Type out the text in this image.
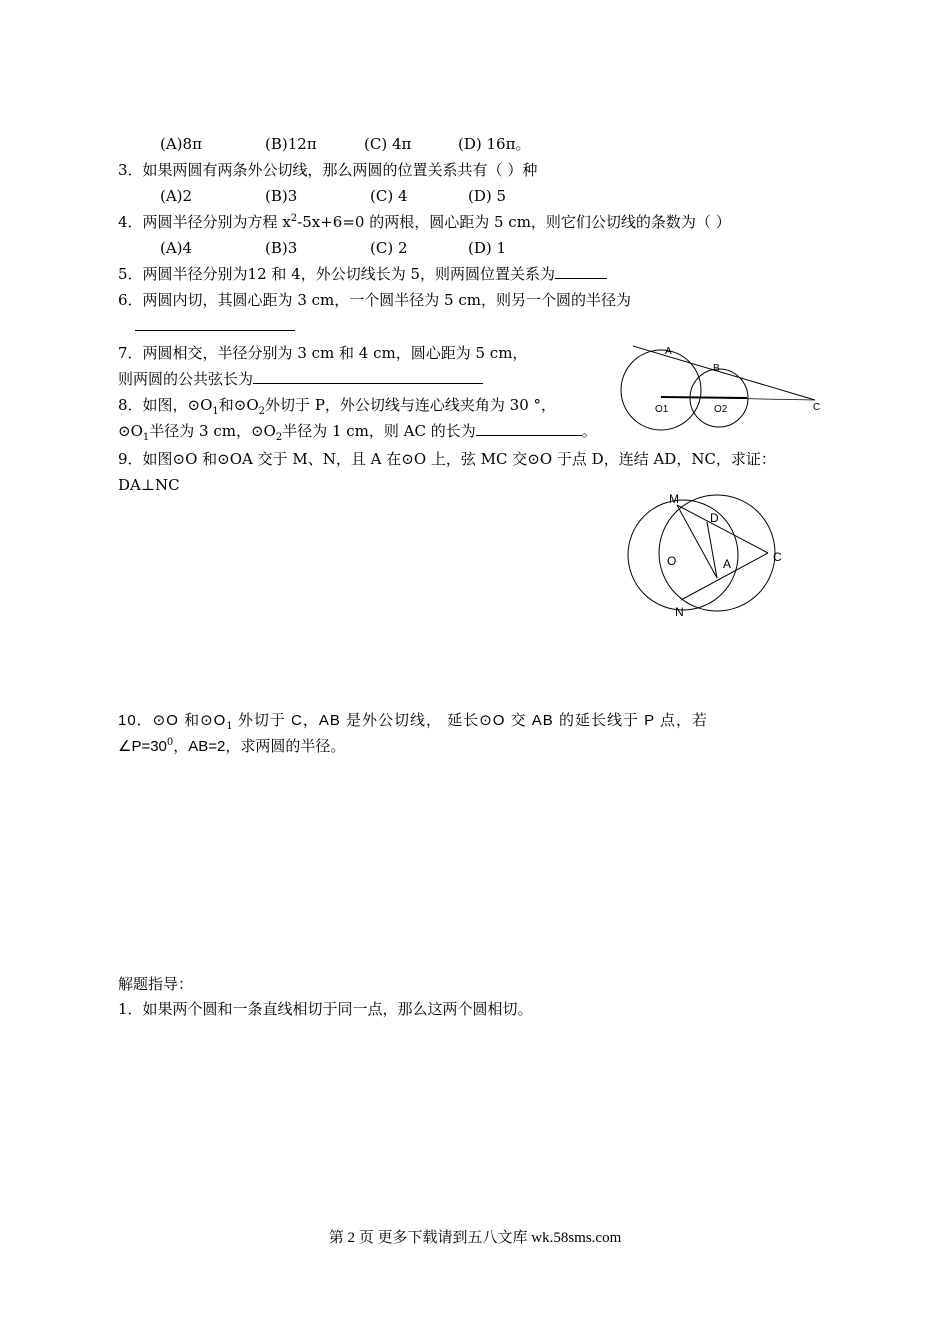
(A)8π	(B)12π	(C) 4π	(D) 16π。
3．如果两圆有两条外公切线，那么两圆的位置关系共有（ ）种
(A)2	(B)3	(C) 4	(D) 5
4．两圆半径分别为方程 $x^2-5x+6=0$ 的两根，圆心距为 5 cm，则它们公切线的条数为（ ）
(A)4	(B)3	(C) 2	(D) 1
5．两圆半径分别为12 和 4，外公切线长为 5，则两圆位置关系为
6．两圆内切，其圆心距为 3 cm，一个圆半径为 5 cm，则另一个圆的半径为
7．两圆相交，半径分别为 3 cm 和 4 cm，圆心距为 5 cm，
则两圆的公共弦长为
8．如图，$⊙O_1$和$⊙O_2$外切于 P，外公切线与连心线夹角为 30 °，
$⊙O_1$半径为 3 cm，$⊙O_2$半径为 1 cm，则 AC 的长为	。
A
B
C
O1	O2
9．如图⊙O 和⊙OA 交于 M、N，且 A 在⊙O 上，弦 MC 交⊙O 于点 D，连结 AD，NC，求证：
DA⊥NC
M
D
O	A	C
N
10．⊙O 和$⊙O_1$ 外切于 C，AB 是外公切线， 延长⊙O 交 AB 的延长线于 P 点，若
$\angle P=30^0$，AB=2，求两圆的半径。
解题指导：
1．如果两个圆和一条直线相切于同一点，那么这两个圆相切。
第 2 页 更多下载请到五八文库 wk.58sms.com
